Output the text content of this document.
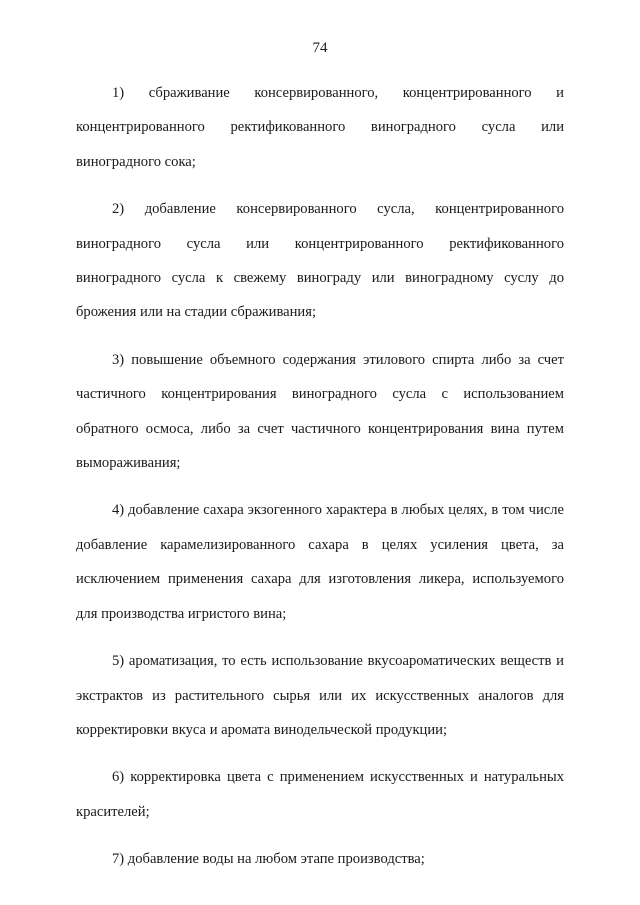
74

1) сбраживание консервированного, концентрированного и концентрированного ректификованного виноградного сусла или виноградного сока;

2) добавление консервированного сусла, концентрированного виноградного сусла или концентрированного ректификованного виноградного сусла к свежему винограду или виноградному суслу до брожения или на стадии сбраживания;

3) повышение объемного содержания этилового спирта либо за счет частичного концентрирования виноградного сусла с использованием обратного осмоса, либо за счет частичного концентрирования вина путем вымораживания;

4) добавление сахара экзогенного характера в любых целях, в том числе добавление карамелизированного сахара в целях усиления цвета, за исключением применения сахара для изготовления ликера, используемого для производства игристого вина;

5) ароматизация, то есть использование вкусоароматических веществ и экстрактов из растительного сырья или их искусственных аналогов для корректировки вкуса и аромата винодельческой продукции;

6) корректировка цвета с применением искусственных и натуральных красителей;

7) добавление воды на любом этапе производства;
